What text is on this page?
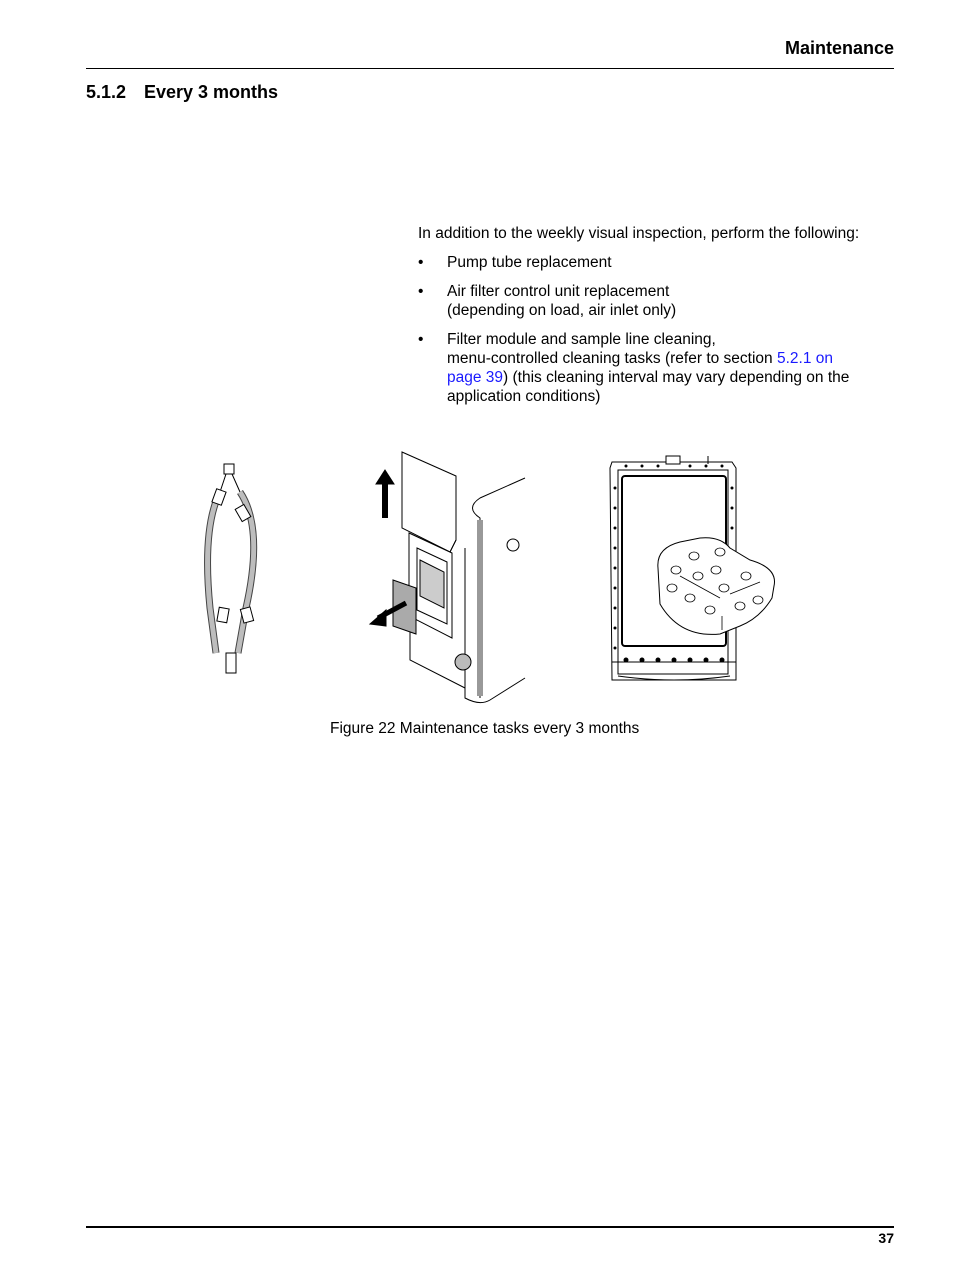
Maintenance
5.1.2 Every 3 months

In addition to the weekly visual inspection, perform the following:

• Pump tube replacement
• Air filter control unit replacement
(depending on load, air inlet only)
• Filter module and sample line cleaning,
menu-controlled cleaning tasks (refer to section 5.2.1 on
page 39) (this cleaning interval may vary depending on the application conditions)
Figure 22 Maintenance tasks every 3 months
37
